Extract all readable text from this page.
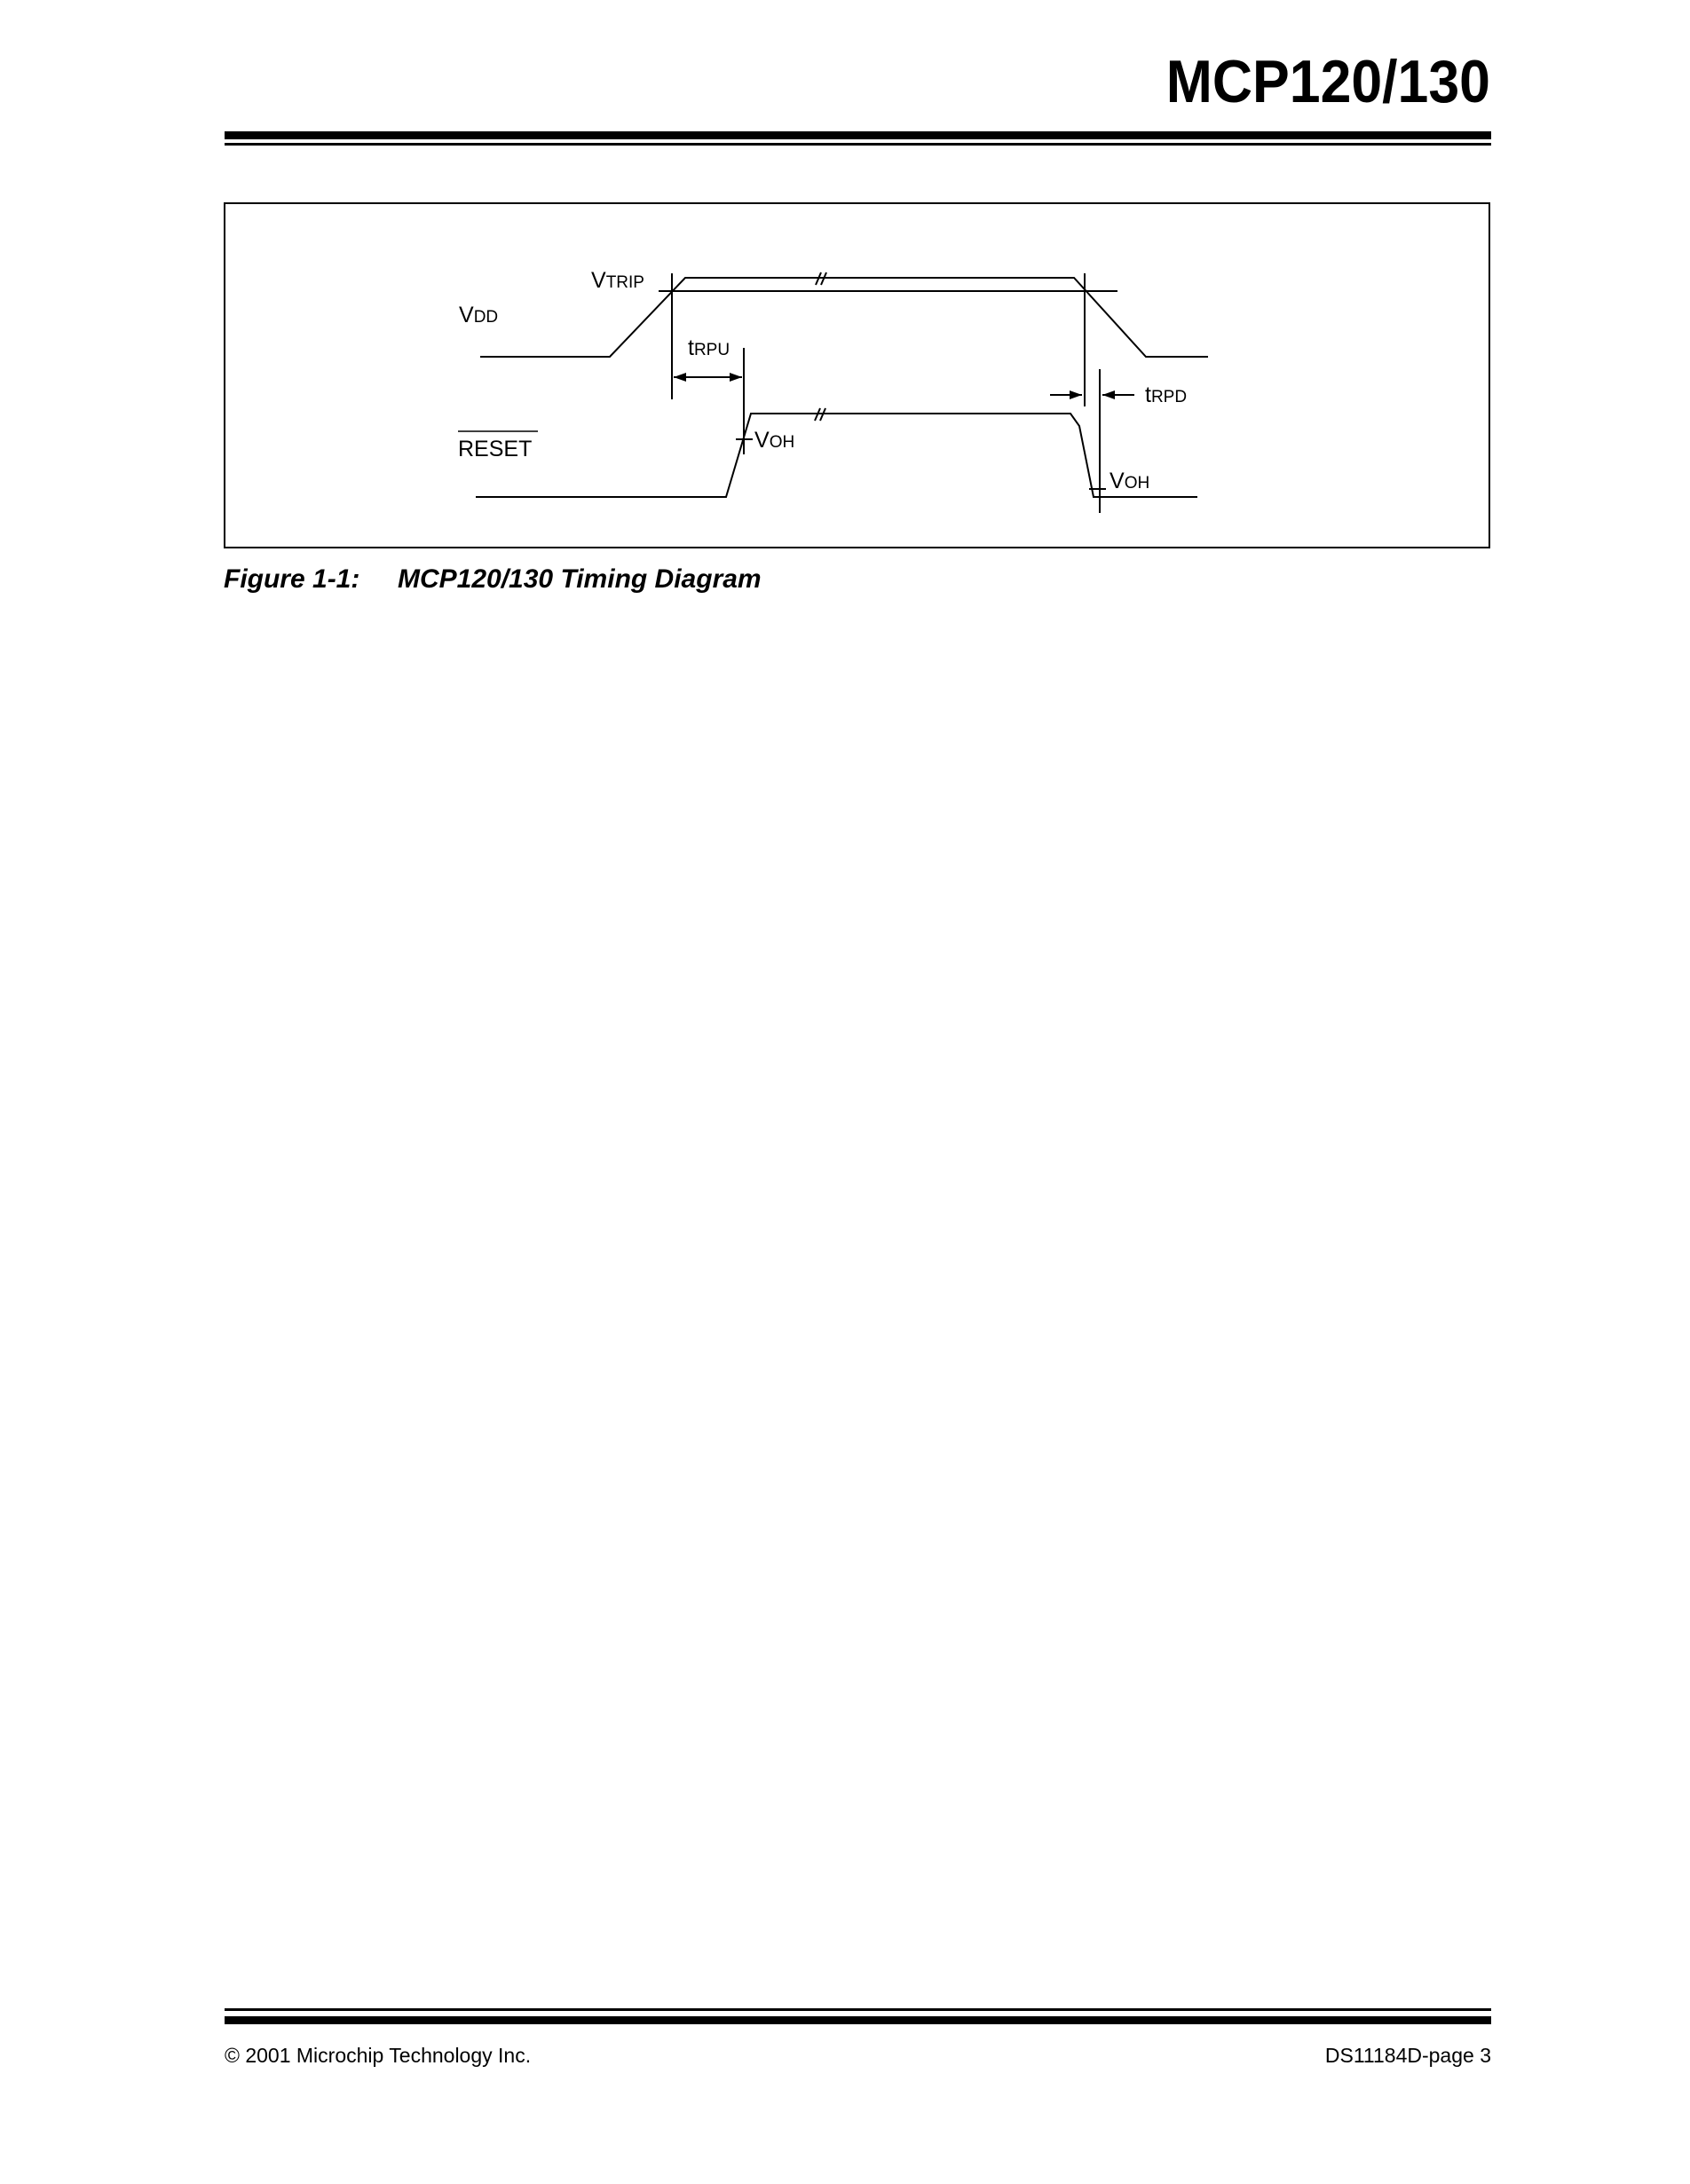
MCP120/130
VTRIP
VDD
tRPU
tRPD
RESET	VOH
VOH
Figure 1-1: MCP120/130 Timing Diagram
© 2001 Microchip Technology Inc.	DS11184D-page 3
